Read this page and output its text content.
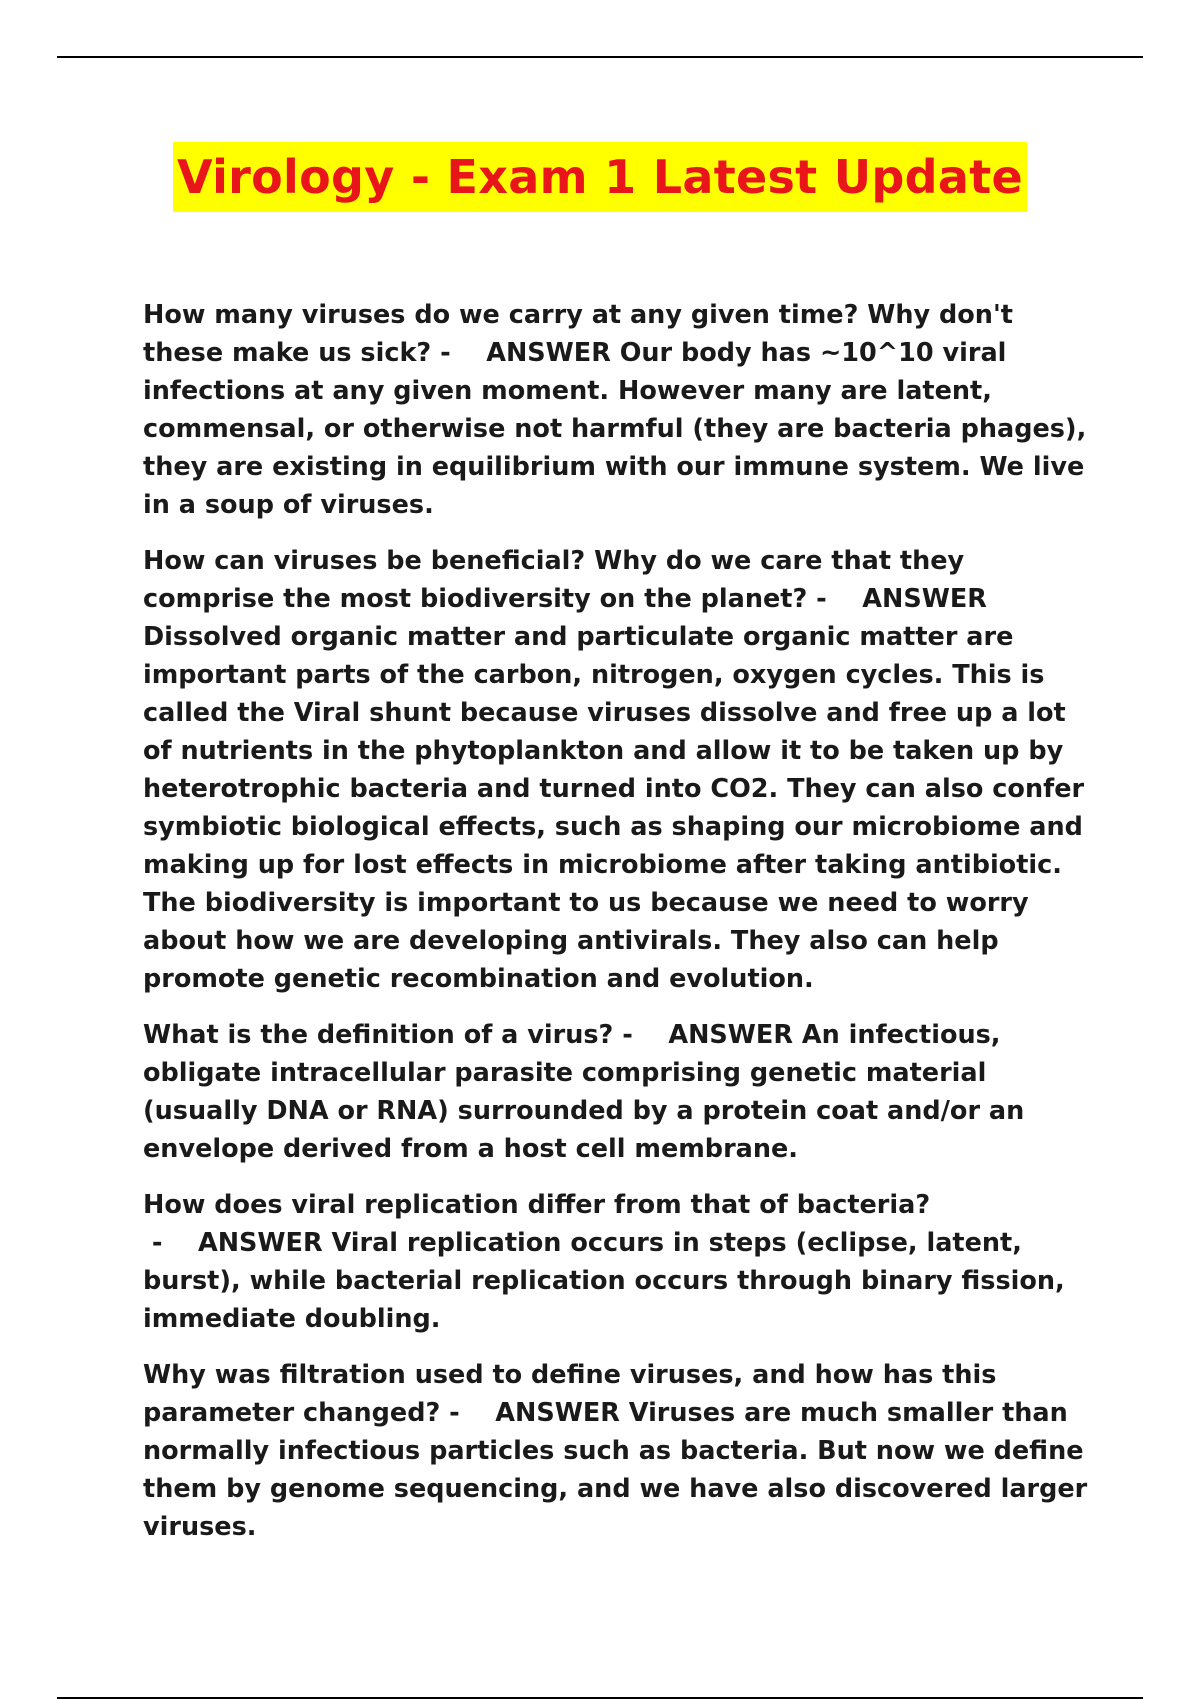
Virology - Exam 1 Latest Update

How many viruses do we carry at any given time? Why don't these make us sick? -    ANSWER Our body has ~10^10 viral infections at any given moment. However many are latent, commensal, or otherwise not harmful (they are bacteria phages), they are existing in equilibrium with our immune system. We live in a soup of viruses.

How can viruses be beneficial? Why do we care that they comprise the most biodiversity on the planet? -    ANSWER Dissolved organic matter and particulate organic matter are important parts of the carbon, nitrogen, oxygen cycles. This is called the Viral shunt because viruses dissolve and free up a lot of nutrients in the phytoplankton and allow it to be taken up by heterotrophic bacteria and turned into CO2. They can also confer symbiotic biological effects, such as shaping our microbiome and making up for lost effects in microbiome after taking antibiotic. The biodiversity is important to us because we need to worry about how we are developing antivirals. They also can help promote genetic recombination and evolution.

What is the definition of a virus? -    ANSWER An infectious, obligate intracellular parasite comprising genetic material (usually DNA or RNA) surrounded by a protein coat and/or an envelope derived from a host cell membrane.

How does viral replication differ from that of bacteria? -    ANSWER Viral replication occurs in steps (eclipse, latent, burst), while bacterial replication occurs through binary fission, immediate doubling.

Why was filtration used to define viruses, and how has this parameter changed? -    ANSWER Viruses are much smaller than normally infectious particles such as bacteria. But now we define them by genome sequencing, and we have also discovered larger viruses.
